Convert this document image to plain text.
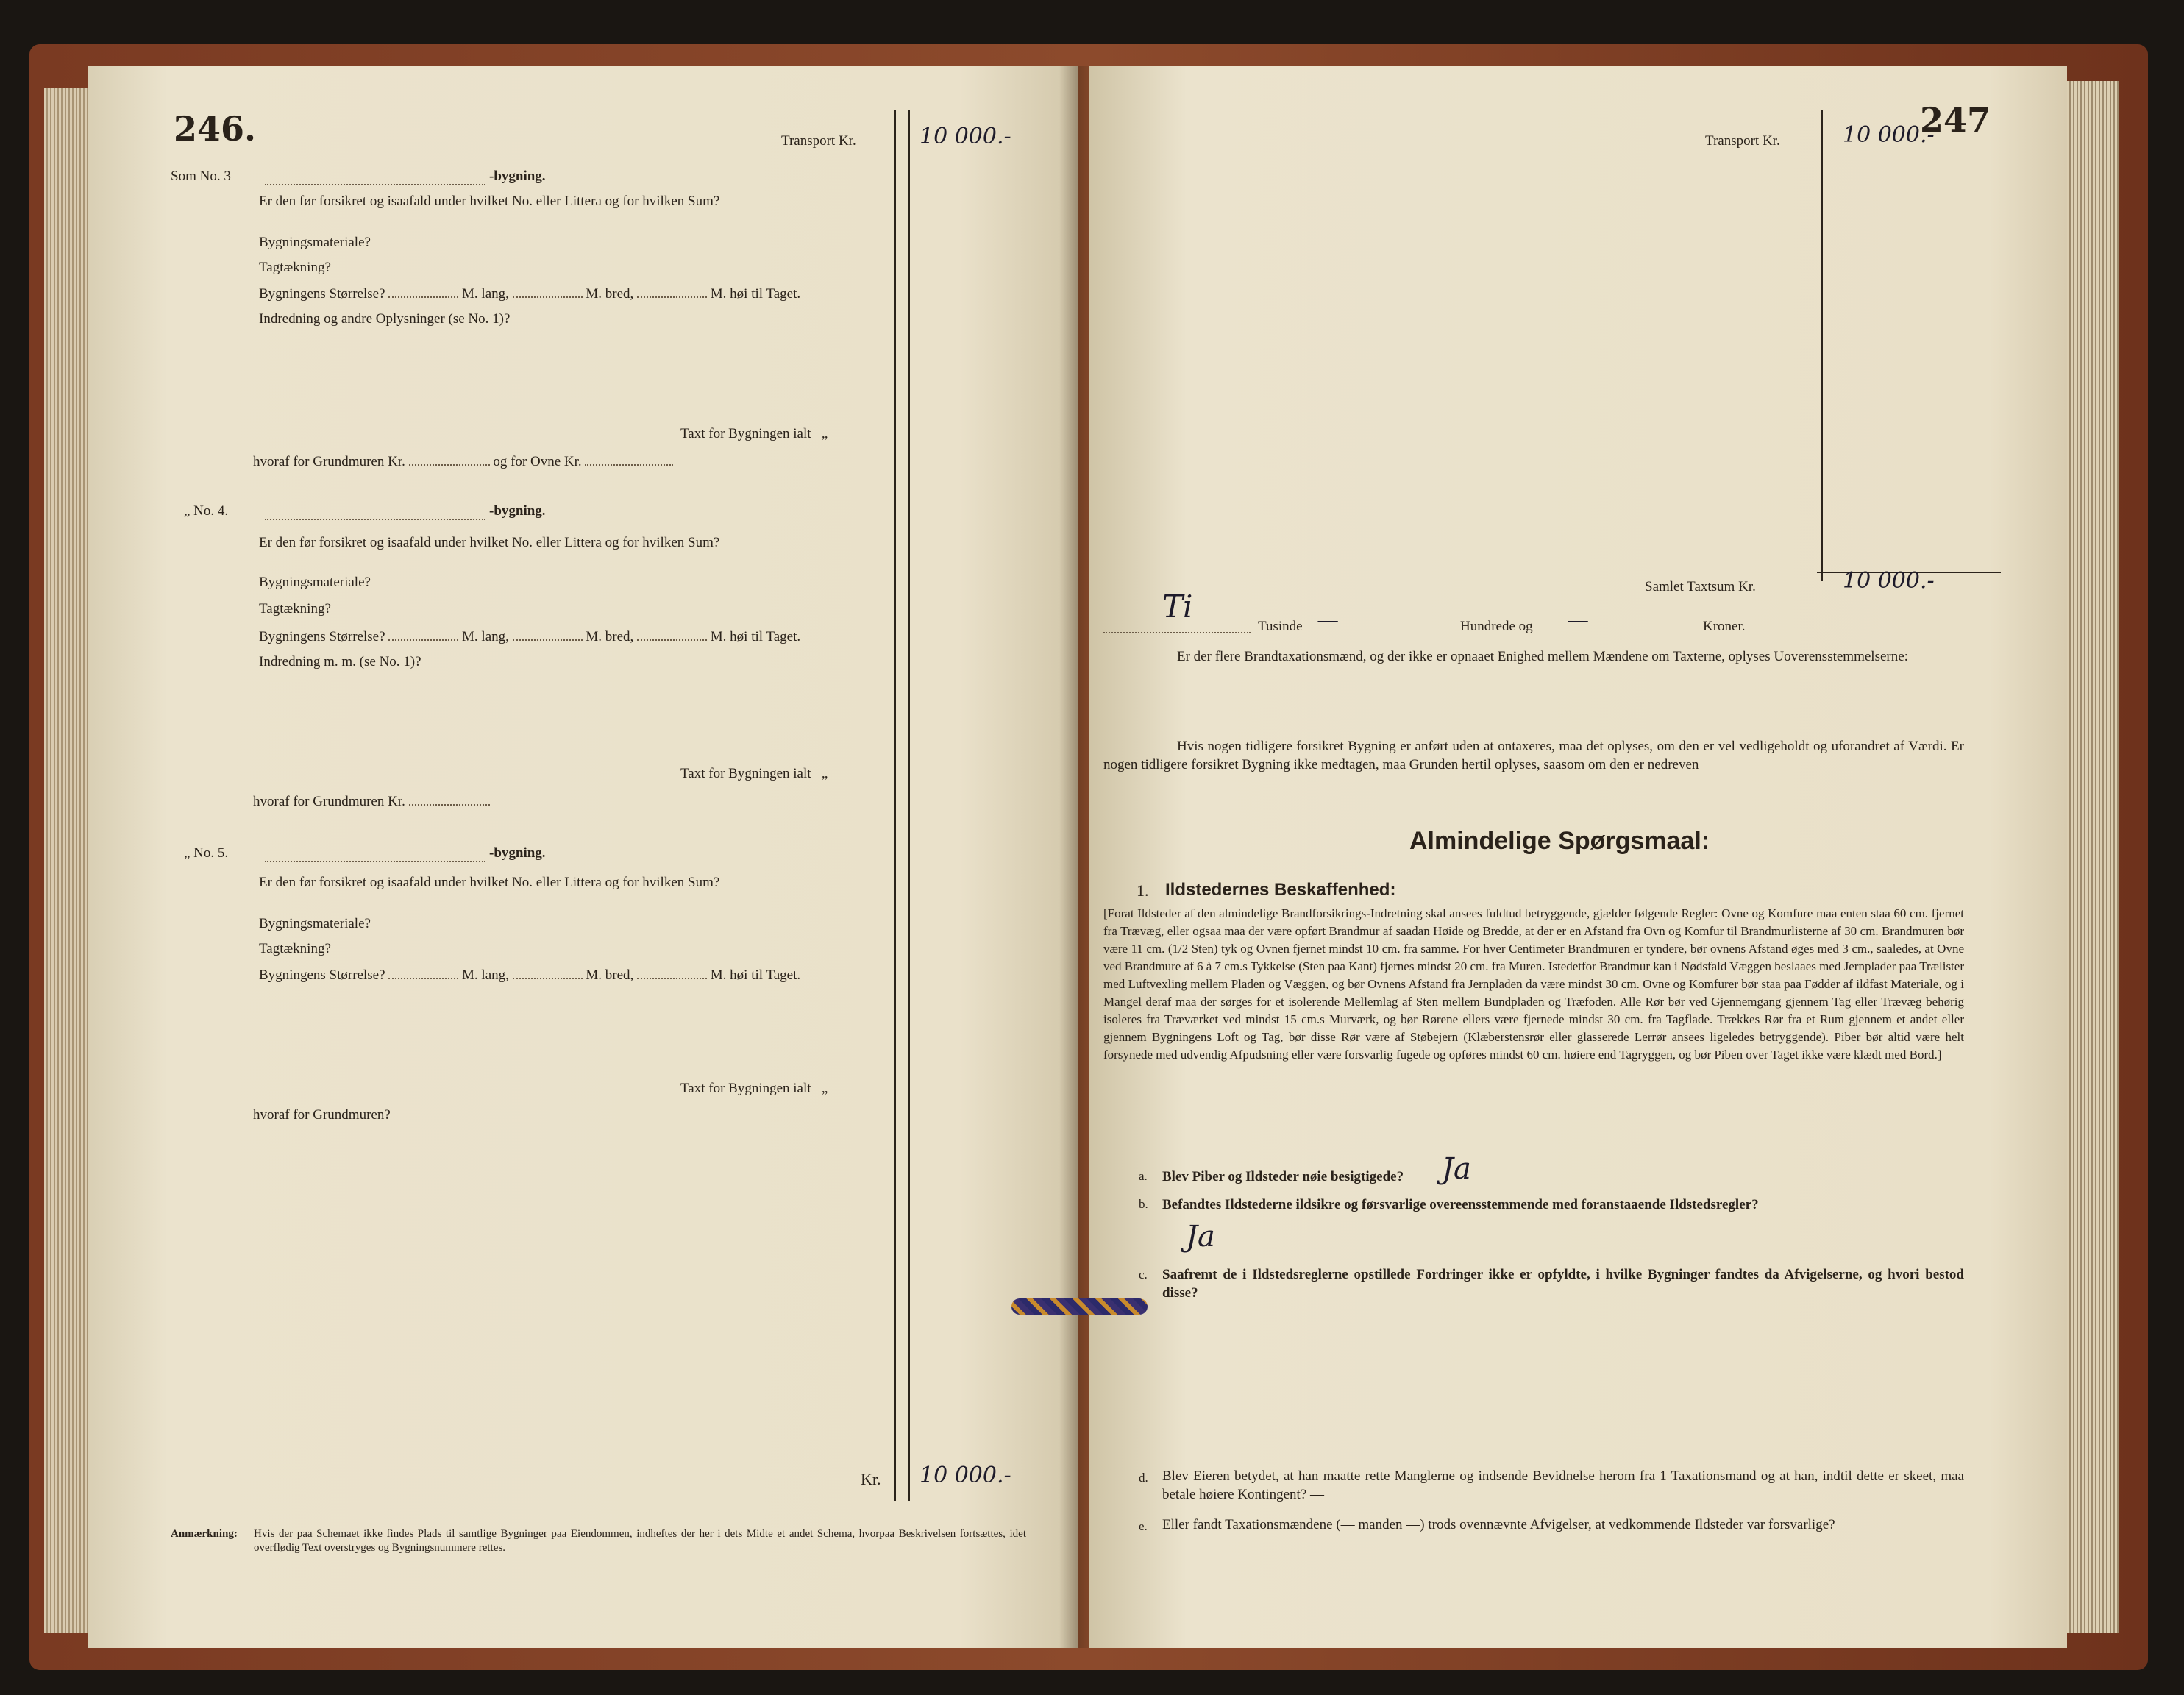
246.	Transport Kr.	10 000.-
Som No. 3	-bygning.
Er den før forsikret og isaafald under hvilket No. eller Littera og for hvilken Sum?
Bygningsmateriale?
Tagtækning?
Bygningens Størrelse?	M. lang,	M. bred,	M. høi til Taget.
Indredning og andre Oplysninger (se No. 1)?
Taxt for Bygningen ialt „
hvoraf for Grundmuren Kr.	og for Ovne Kr.
„ No. 4.	-bygning.
Er den før forsikret og isaafald under hvilket No. eller Littera og for hvilken Sum?
Bygningsmateriale?
Tagtækning?
Bygningens Størrelse?	M. lang,	M. bred,	M. høi til Taget.
Indredning m. m. (se No. 1)?
Taxt for Bygningen ialt „
hvoraf for Grundmuren Kr.
„ No. 5.	-bygning.
Er den før forsikret og isaafald under hvilket No. eller Littera og for hvilken Sum?
Bygningsmateriale?
Tagtækning?
Bygningens Størrelse?	M. lang,	M. bred,	M. høi til Taget.
Taxt for Bygningen ialt „
hvoraf for Grundmuren?
Kr. 10 000.-
Anmærkning: Hvis der paa Schemaet ikke findes Plads til samtlige Bygninger paa Eiendommen, indheftes der her i dets Midte et andet Schema, hvorpaa Beskrivelsen fortsættes, idet overflødig Text overstryges og Bygningsnummere rettes.
247
Transport Kr.	10 000.-
Samlet Taxtsum Kr.	10 000.-
Ti
Tusinde —	Hundrede og —	Kroner.
Er der flere Brandtaxationsmænd, og der ikke er opnaaet Enighed mellem Mændene om Taxterne, oplyses Uoverensstemmelserne:
Hvis nogen tidligere forsikret Bygning er anført uden at ontaxeres, maa det oplyses, om den er vel vedligeholdt og uforandret af Værdi. Er nogen tidligere forsikret Bygning ikke medtagen, maa Grunden hertil oplyses, saasom om den er nedreven
Almindelige Spørgsmaal:
1. Ildstedernes Beskaffenhed:
[Forat Ildsteder af den almindelige Brandforsikrings-Indretning skal ansees fuldtud betryggende, gjælder følgende Regler: Ovne og Komfure maa enten staa 60 cm. fjernet fra Trævæg, eller ogsaa maa der være opført Brandmur af saadan Høide og Bredde, at der er en Afstand fra Ovn og Komfur til Brandmurlisterne af 30 cm. Brandmuren bør være 11 cm. (1/2 Sten) tyk og Ovnen fjernet mindst 10 cm. fra samme. For hver Centimeter Brandmuren er tyndere, bør ovnens Afstand øges med 3 cm., saaledes, at Ovne ved Brandmure af 6 à 7 cm.s Tykkelse (Sten paa Kant) fjernes mindst 20 cm. fra Muren. Istedetfor Brandmur kan i Nødsfald Væggen beslaaes med Jernplader paa Trælister med Luftvexling mellem Pladen og Væggen, og bør Ovnens Afstand fra Jernpladen da være mindst 30 cm. Ovne og Komfurer bør staa paa Fødder af ildfast Materiale, og i Mangel deraf maa der sørges for et isolerende Mellemlag af Sten mellem Bundpladen og Træfoden. Alle Rør bør ved Gjennemgang gjennem Tag eller Trævæg behørig isoleres fra Træværket ved mindst 15 cm.s Murværk, og bør Rørene ellers være fjernede mindst 30 cm. fra Tagflade. Trækkes Rør fra et Rum gjennem et andet eller gjennem Bygningens Loft og Tag, bør disse Rør være af Støbejern (Klæberstensrør eller glasserede Lerrør ansees ligeledes betryggende). Piber bør altid være helt forsynede med udvendig Afpudsning eller være forsvarlig fugede og opføres mindst 60 cm. høiere end Tagryggen, og bør Piben over Taget ikke være klædt med Bord.]
a. Blev Piber og Ildsteder nøie besigtigede? Ja
b. Befandtes Ildstederne ildsikre og førsvarlige overeensstemmende med foranstaaende Ildstedsregler?
Ja
c. Saafremt de i Ildstedsreglerne opstillede Fordringer ikke er opfyldte, i hvilke Bygninger fandtes da Afvigelserne, og hvori bestod disse?
d. Blev Eieren betydet, at han maatte rette Manglerne og indsende Bevidnelse herom fra 1 Taxationsmand og at han, indtil dette er skeet, maa betale høiere Kontingent? —
e. Eller fandt Taxationsmændene (— manden —) trods ovennævnte Afvigelser, at vedkommende Ildsteder var forsvarlige?
